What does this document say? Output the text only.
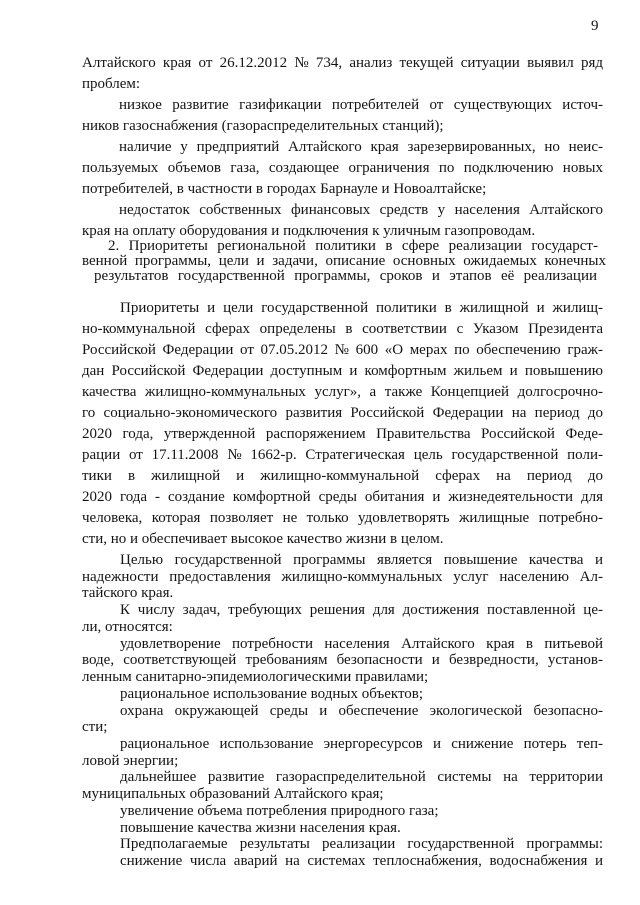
9
Алтайского края от 26.12.2012 № 734, анализ текущей ситуации выявил ряд
проблем:
низкое развитие газификации потребителей от существующих источ-
ников газоснабжения (газораспределительных станций);
наличие у предприятий Алтайского края зарезервированных, но неис-
пользуемых объемов газа, создающее ограничения по подключению новых
потребителей, в частности в городах Барнауле и Новоалтайске;
недостаток собственных финансовых средств у населения Алтайского
края на оплату оборудования и подключения к уличным газопроводам.
2. Приоритеты региональной политики в сфере реализации государст-
венной программы, цели и задачи, описание основных ожидаемых конечных
результатов государственной программы, сроков и этапов её реализации
Приоритеты и цели государственной политики в жилищной и жилищ-
но-коммунальной сферах определены в соответствии с Указом Президента
Российской Федерации от 07.05.2012 № 600 «О мерах по обеспечению граж-
дан Российской Федерации доступным и комфортным жильем и повышению
качества жилищно-коммунальных услуг», а также Концепцией долгосрочно-
го социально-экономического развития Российской Федерации на период до
2020 года, утвержденной распоряжением Правительства Российской Феде-
рации от 17.11.2008 № 1662-р. Стратегическая цель государственной поли-
тики в жилищной и жилищно-коммунальной сферах на период до
2020 года - создание комфортной среды обитания и жизнедеятельности для
человека, которая позволяет не только удовлетворять жилищные потребно-
сти, но и обеспечивает высокое качество жизни в целом.
Целью государственной программы является повышение качества и
надежности предоставления жилищно-коммунальных услуг населению Ал-
тайского края.
К числу задач, требующих решения для достижения поставленной це-
ли, относятся:
удовлетворение потребности населения Алтайского края в питьевой
воде, соответствующей требованиям безопасности и безвредности, установ-
ленным санитарно-эпидемиологическими правилами;
рациональное использование водных объектов;
охрана окружающей среды и обеспечение экологической безопасно-
сти;
рациональное использование энергоресурсов и снижение потерь теп-
ловой энергии;
дальнейшее развитие газораспределительной системы на территории
муниципальных образований Алтайского края;
увеличение объема потребления природного газа;
повышение качества жизни населения края.
Предполагаемые результаты реализации государственной программы:
снижение числа аварий на системах теплоснабжения, водоснабжения и
